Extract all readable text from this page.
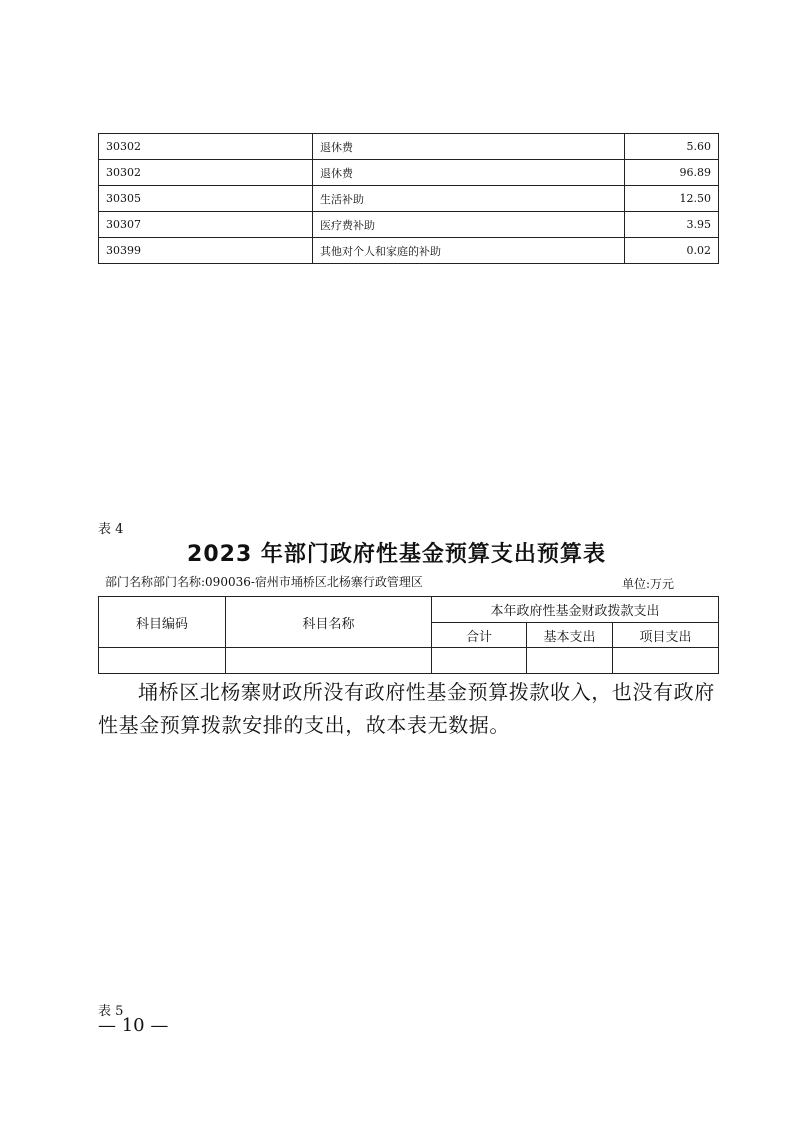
30302	退休费	5.60
30302	退休费	96.89
30305	生活补助	12.50
30307	医疗费补助	3.95
30399	其他对个人和家庭的补助	0.02
表 4
2023 年部门政府性基金预算支出预算表
部门名称部门名称:090036-宿州市埇桥区北杨寨行政管理区	单位:万元
科目编码	科目名称	本年政府性基金财政拨款支出		
		合计	基本支出	项目支出

埇桥区北杨寨财政所没有政府性基金预算拨款收入，也没有政府性基金预算拨款安排的支出，故本表无数据。
表 5
— 10 —
